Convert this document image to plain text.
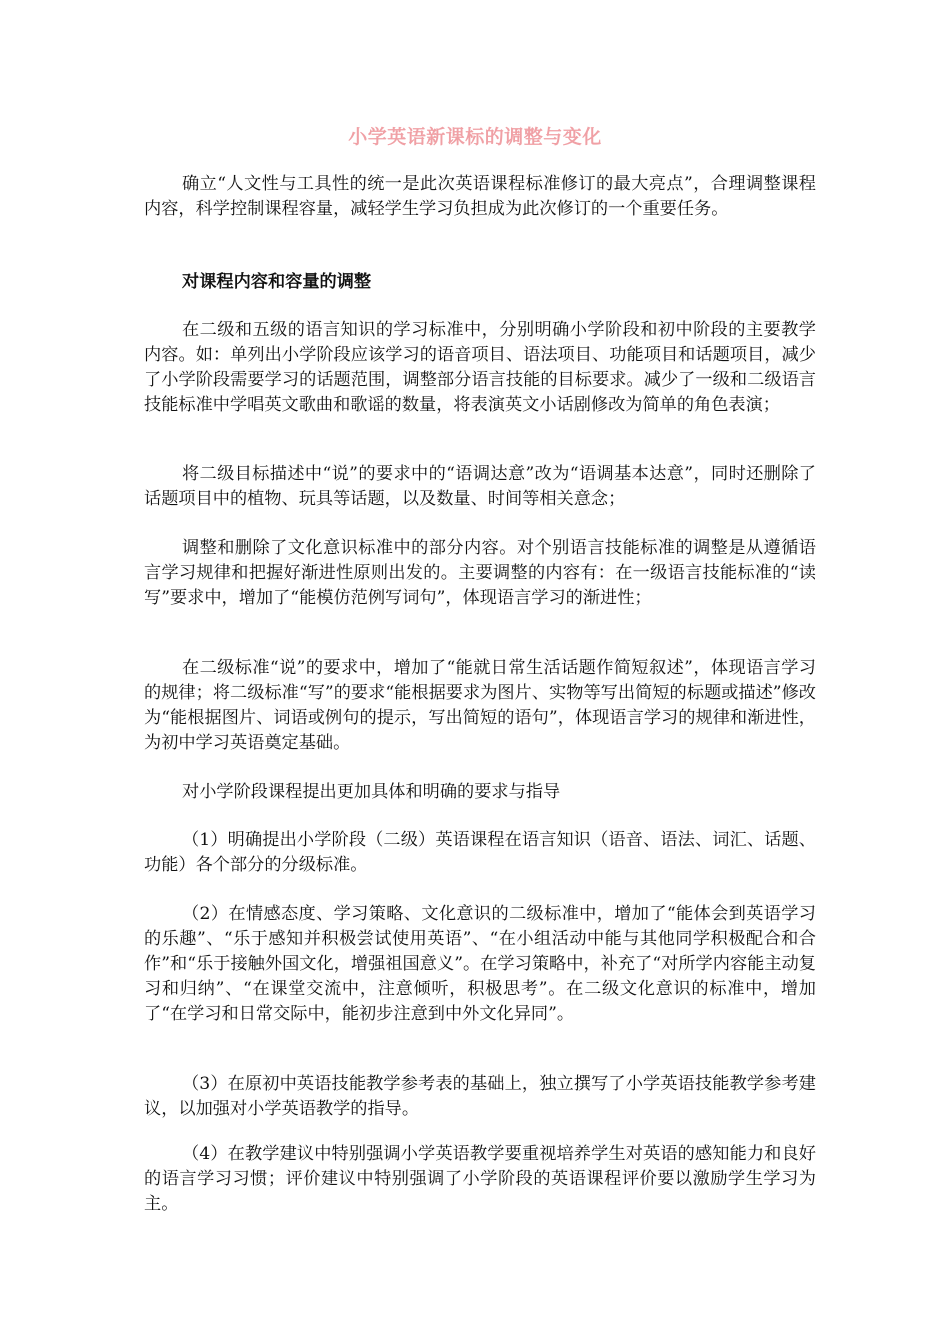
小学英语新课标的调整与变化
确立“人文性与工具性的统一是此次英语课程标准修订的最大亮点”，合理调整课程内容，科学控制课程容量，减轻学生学习负担成为此次修订的一个重要任务。
对课程内容和容量的调整
在二级和五级的语言知识的学习标准中，分别明确小学阶段和初中阶段的主要教学内容。如：单列出小学阶段应该学习的语音项目、语法项目、功能项目和话题项目，减少了小学阶段需要学习的话题范围，调整部分语言技能的目标要求。减少了一级和二级语言技能标准中学唱英文歌曲和歌谣的数量，将表演英文小话剧修改为简单的角色表演；
将二级目标描述中“说”的要求中的“语调达意”改为“语调基本达意”，同时还删除了话题项目中的植物、玩具等话题，以及数量、时间等相关意念；
调整和删除了文化意识标准中的部分内容。对个别语言技能标准的调整是从遵循语言学习规律和把握好渐进性原则出发的。主要调整的内容有：在一级语言技能标准的“读写”要求中，增加了“能模仿范例写词句”，体现语言学习的渐进性；
在二级标准“说”的要求中，增加了“能就日常生活话题作简短叙述”，体现语言学习的规律；将二级标准“写”的要求“能根据要求为图片、实物等写出简短的标题或描述”修改为“能根据图片、词语或例句的提示，写出简短的语句”，体现语言学习的规律和渐进性，为初中学习英语奠定基础。
对小学阶段课程提出更加具体和明确的要求与指导
（1）明确提出小学阶段（二级）英语课程在语言知识（语音、语法、词汇、话题、功能）各个部分的分级标准。
（2）在情感态度、学习策略、文化意识的二级标准中，增加了“能体会到英语学习的乐趣”、“乐于感知并积极尝试使用英语”、“在小组活动中能与其他同学积极配合和合作”和“乐于接触外国文化，增强祖国意义”。在学习策略中，补充了“对所学内容能主动复习和归纳”、“在课堂交流中，注意倾听，积极思考”。在二级文化意识的标准中，增加了“在学习和日常交际中，能初步注意到中外文化异同”。
（3）在原初中英语技能教学参考表的基础上，独立撰写了小学英语技能教学参考建议，以加强对小学英语教学的指导。
（4）在教学建议中特别强调小学英语教学要重视培养学生对英语的感知能力和良好的语言学习习惯；评价建议中特别强调了小学阶段的英语课程评价要以激励学生学习为主。
